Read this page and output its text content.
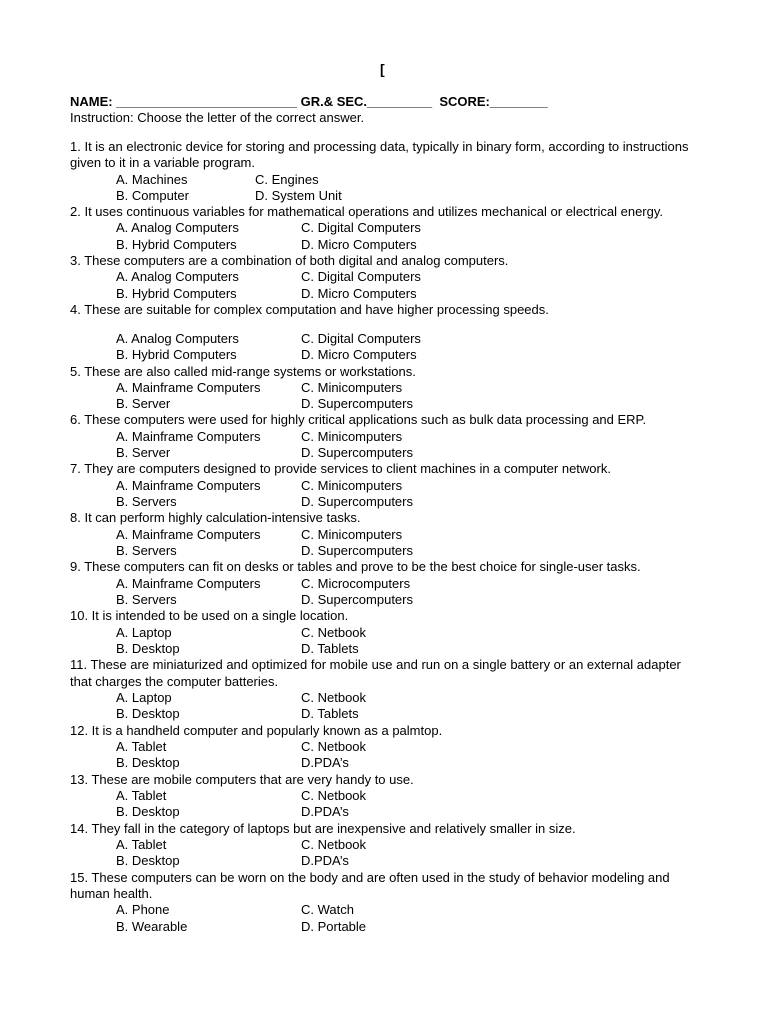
[
NAME: _________________________ GR.& SEC._________  SCORE:________
Instruction: Choose the letter of the correct answer.
1. It is an electronic device for storing and processing data, typically in binary form, according to instructions given to it in a variable program.
A. Machines	C. Engines
B. Computer	D. System Unit
2. It uses continuous variables for mathematical operations and utilizes mechanical or electrical energy.
A. Analog Computers	C. Digital Computers
B. Hybrid Computers	D. Micro Computers
3. These computers are a combination of both digital and analog computers.
A. Analog Computers	C. Digital Computers
B. Hybrid Computers	D. Micro Computers
4. These are suitable for complex computation and have higher processing speeds.
A. Analog Computers	C. Digital Computers
B. Hybrid Computers	D. Micro Computers
5. These are also called mid-range systems or workstations.
A. Mainframe Computers	C. Minicomputers
B. Server	D. Supercomputers
6. These computers were used for highly critical applications such as bulk data processing and ERP.
A. Mainframe Computers	C. Minicomputers
B. Server	D. Supercomputers
7. They are computers designed to provide services to client machines in a computer network.
A. Mainframe Computers	C. Minicomputers
B. Servers	D. Supercomputers
8. It can perform highly calculation-intensive tasks.
A. Mainframe Computers	C. Minicomputers
B. Servers	D. Supercomputers
9. These computers can fit on desks or tables and prove to be the best choice for single-user tasks.
A. Mainframe Computers	C. Microcomputers
B. Servers	D. Supercomputers
10. It is intended to be used on a single location.
A. Laptop	C. Netbook
B. Desktop	D. Tablets
11. These are miniaturized and optimized for mobile use and run on a single battery or an external adapter that charges the computer batteries.
A. Laptop	C. Netbook
B. Desktop	D. Tablets
12. It is a handheld computer and popularly known as a palmtop.
A. Tablet	C. Netbook
B. Desktop	D.PDA’s
13. These are mobile computers that are very handy to use.
A. Tablet	C. Netbook
B. Desktop	D.PDA’s
14. They fall in the category of laptops but are inexpensive and relatively smaller in size.
A. Tablet	C. Netbook
B. Desktop	D.PDA’s
15. These computers can be worn on the body and are often used in the study of behavior modeling and human health.
A. Phone	C. Watch
B. Wearable	D. Portable
